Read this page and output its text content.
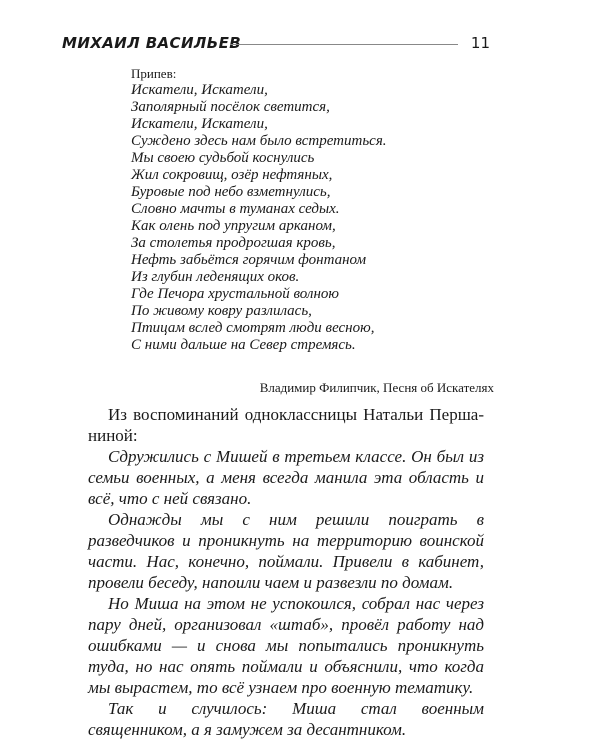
МИХАИЛ ВАСИЛЬЕВ	11

Припев:

Искатели, Искатели,
Заполярный посёлок светится,
Искатели, Искатели,
Суждено здесь нам было встретиться.

Мы своею судьбой коснулись
Жил сокровищ, озёр нефтяных,
Буровые под небо взметнулись,
Словно мачты в туманах седых.

Как олень под упругим арканом,
За столетья продрогшая кровь,
Нефть забьётся горячим фонтаном
Из глубин леденящих оков.
Где Печора хрустальной волною
По живому ковру разлилась,
Птицам вслед смотрят люди весною,
С ними дальше на Север стремясь.

Владимир Филипчик, Песня об Искателях

Из воспоминаний одноклассницы Натальи Першаниной:

Сдружились с Мишей в третьем классе. Он был из семьи военных, а меня всегда манила эта область и всё, что с ней связано.

Однажды мы с ним решили поиграть в разведчиков и проникнуть на территорию воинской части. Нас, конечно, поймали. Привели в кабинет, провели беседу, напоили чаем и развезли по домам.

Но Миша на этом не успокоился, собрал нас через пару дней, организовал «штаб», провёл работу над ошибками — и снова мы попытались проникнуть туда, но нас опять поймали и объяснили, что когда мы вырастем, то всё узнаем про военную тематику.

Так и случилось: Миша стал военным священником, а я замужем за десантником.
